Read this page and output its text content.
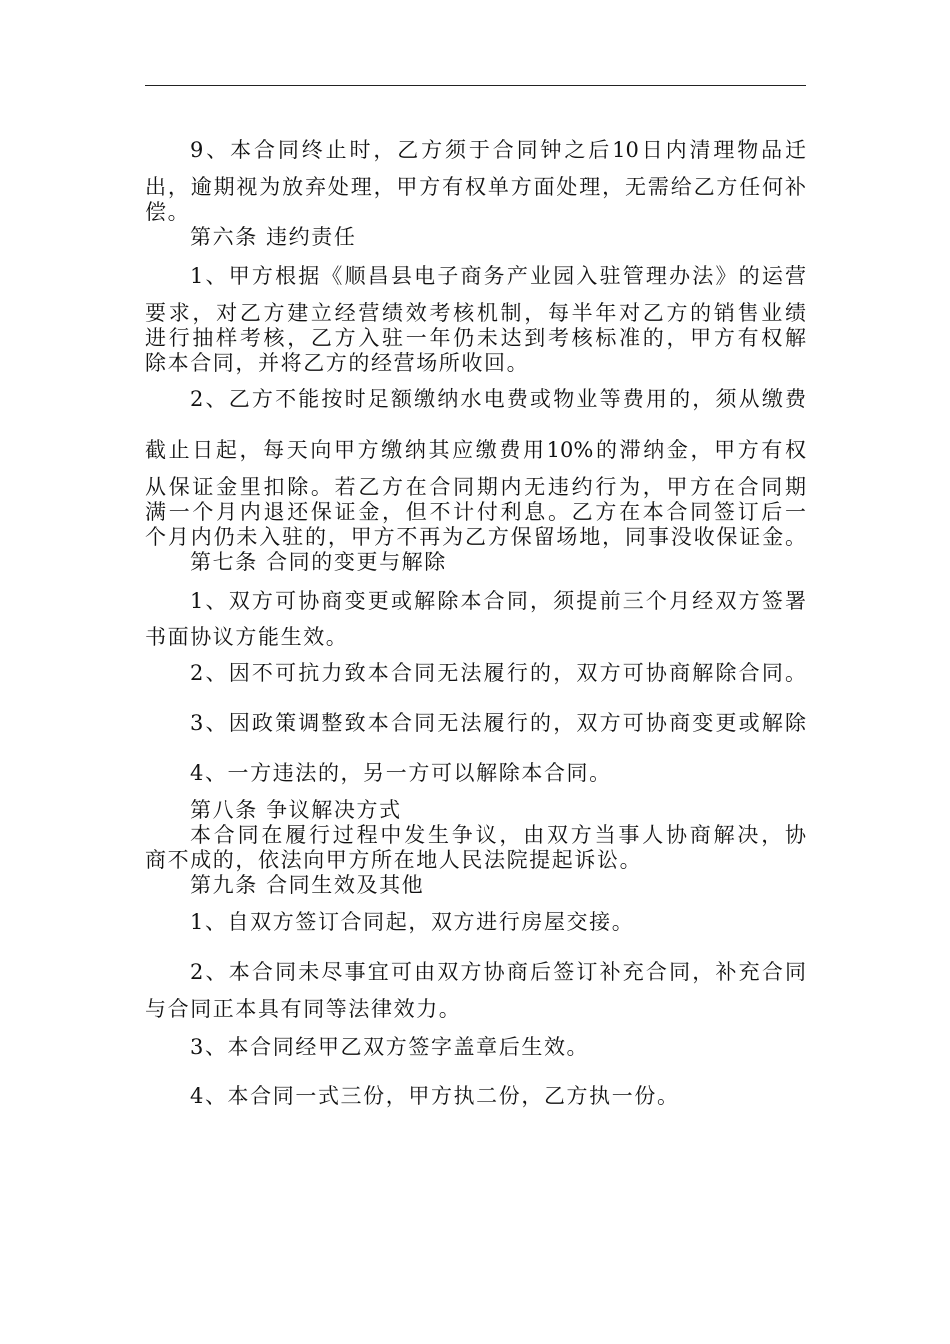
9、本合同终止时，乙方须于合同钟之后10日内清理物品迁
出，逾期视为放弃处理，甲方有权单方面处理，无需给乙方任何补
偿。
第六条 违约责任
1、甲方根据《顺昌县电子商务产业园入驻管理办法》的运营
要求，对乙方建立经营绩效考核机制，每半年对乙方的销售业绩
进行抽样考核，乙方入驻一年仍未达到考核标准的，甲方有权解
除本合同，并将乙方的经营场所收回。
2、乙方不能按时足额缴纳水电费或物业等费用的，须从缴费
截止日起，每天向甲方缴纳其应缴费用10%的滞纳金，甲方有权
从保证金里扣除。若乙方在合同期内无违约行为，甲方在合同期
满一个月内退还保证金，但不计付利息。乙方在本合同签订后一
个月内仍未入驻的，甲方不再为乙方保留场地，同事没收保证金。
第七条 合同的变更与解除
1、双方可协商变更或解除本合同，须提前三个月经双方签署
书面协议方能生效。
2、因不可抗力致本合同无法履行的，双方可协商解除合同。
3、因政策调整致本合同无法履行的，双方可协商变更或解除
4、一方违法的，另一方可以解除本合同。
第八条 争议解决方式
本合同在履行过程中发生争议，由双方当事人协商解决，协
商不成的，依法向甲方所在地人民法院提起诉讼。
第九条 合同生效及其他
1、自双方签订合同起，双方进行房屋交接。
2、本合同未尽事宜可由双方协商后签订补充合同，补充合同
与合同正本具有同等法律效力。
3、本合同经甲乙双方签字盖章后生效。
4、本合同一式三份，甲方执二份，乙方执一份。
